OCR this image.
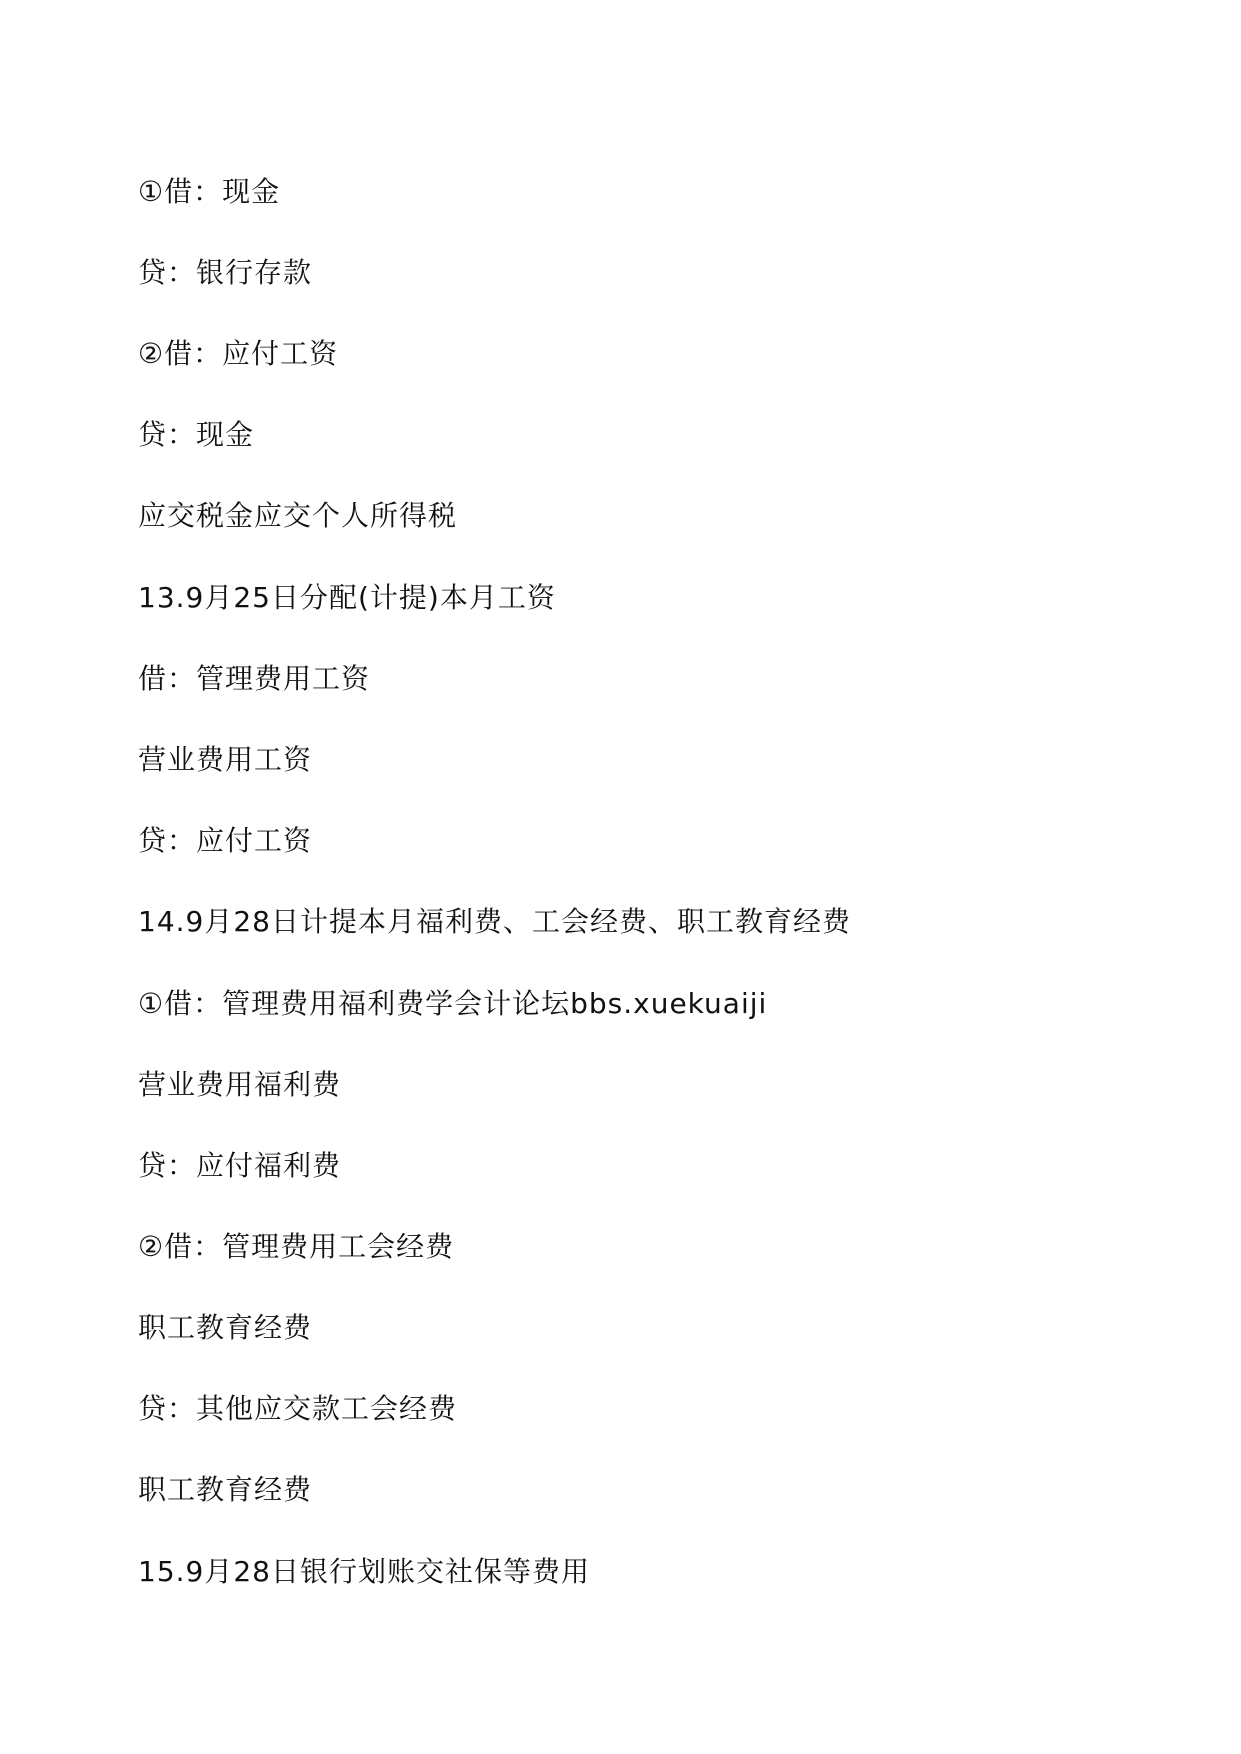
①借：现金
贷：银行存款
②借：应付工资
贷：现金
应交税金应交个人所得税
13.9月25日分配(计提)本月工资
借：管理费用工资
营业费用工资
贷：应付工资
14.9月28日计提本月福利费、工会经费、职工教育经费
①借：管理费用福利费学会计论坛bbs.xuekuaiji
营业费用福利费
贷：应付福利费
②借：管理费用工会经费
职工教育经费
贷：其他应交款工会经费
职工教育经费
15.9月28日银行划账交社保等费用
